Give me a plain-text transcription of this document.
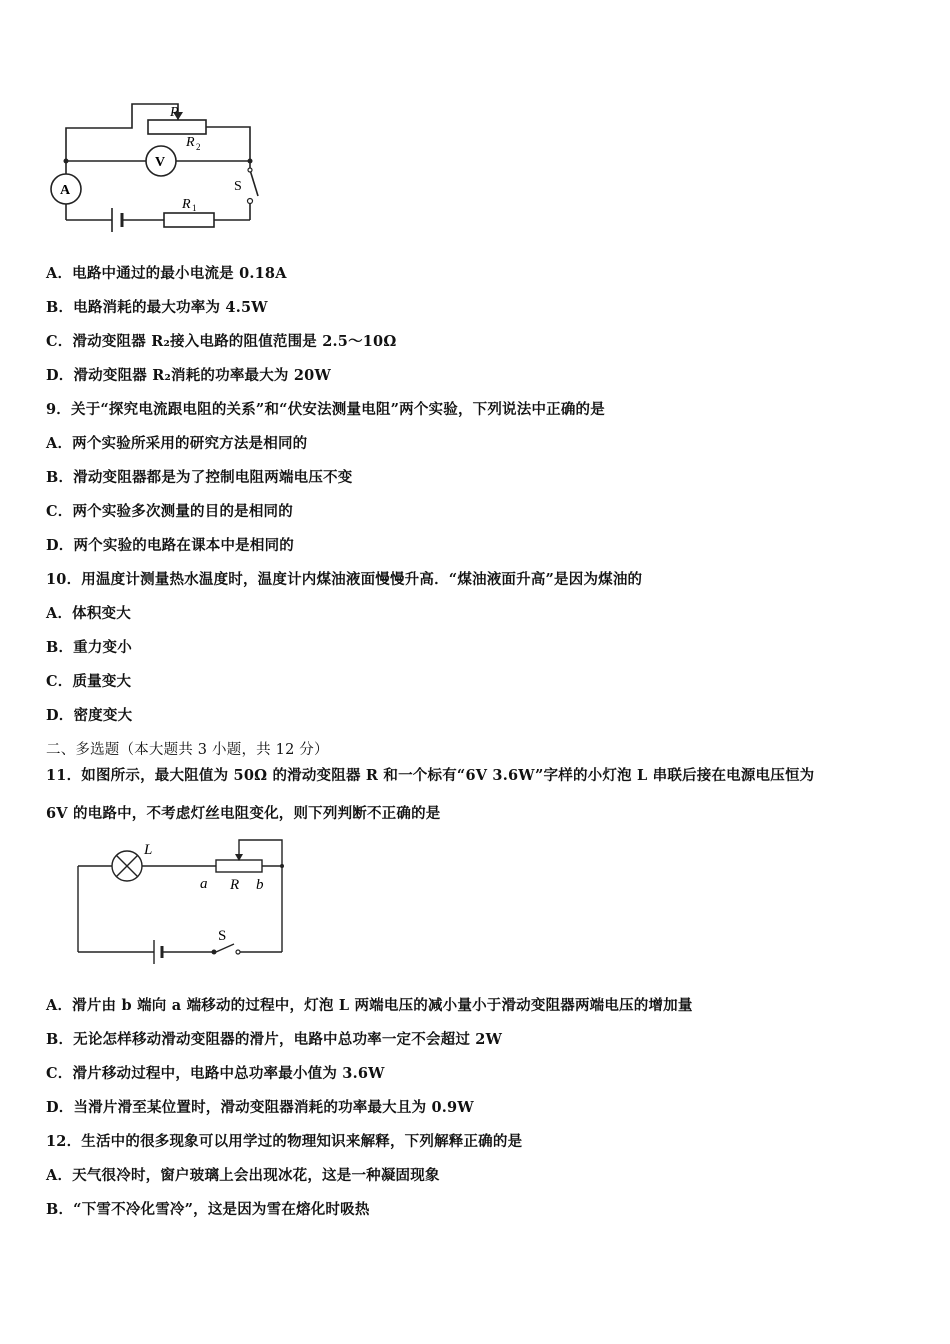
P
R 2
V
A	S
R 1
A．电路中通过的最小电流是 0.18A
B．电路消耗的最大功率为 4.5W
C．滑动变阻器 R₂接入电路的阻值范围是 2.5～10Ω
D．滑动变阻器 R₂消耗的功率最大为 20W
9．关于“探究电流跟电阻的关系”和“伏安法测量电阻”两个实验，下列说法中正确的是
A．两个实验所采用的研究方法是相同的
B．滑动变阻器都是为了控制电阻两端电压不变
C．两个实验多次测量的目的是相同的
D．两个实验的电路在课本中是相同的
10．用温度计测量热水温度时，温度计内煤油液面慢慢升高．“煤油液面升高”是因为煤油的
A．体积变大
B．重力变小
C．质量变大
D．密度变大
二、多选题（本大题共 3 小题，共 12 分）
11．如图所示，最大阻值为 50Ω 的滑动变阻器 R 和一个标有“6V 3.6W”字样的小灯泡 L 串联后接在电源电压恒为
6V 的电路中，不考虑灯丝电阻变化，则下列判断不正确的是
L
a R b
S
A．滑片由 b 端向 a 端移动的过程中，灯泡 L 两端电压的减小量小于滑动变阻器两端电压的增加量
B．无论怎样移动滑动变阻器的滑片，电路中总功率一定不会超过 2W
C．滑片移动过程中，电路中总功率最小值为 3.6W
D．当滑片滑至某位置时，滑动变阻器消耗的功率最大且为 0.9W
12．生活中的很多现象可以用学过的物理知识来解释，下列解释正确的是
A．天气很冷时，窗户玻璃上会出现冰花，这是一种凝固现象
B．“下雪不冷化雪冷”，这是因为雪在熔化时吸热
